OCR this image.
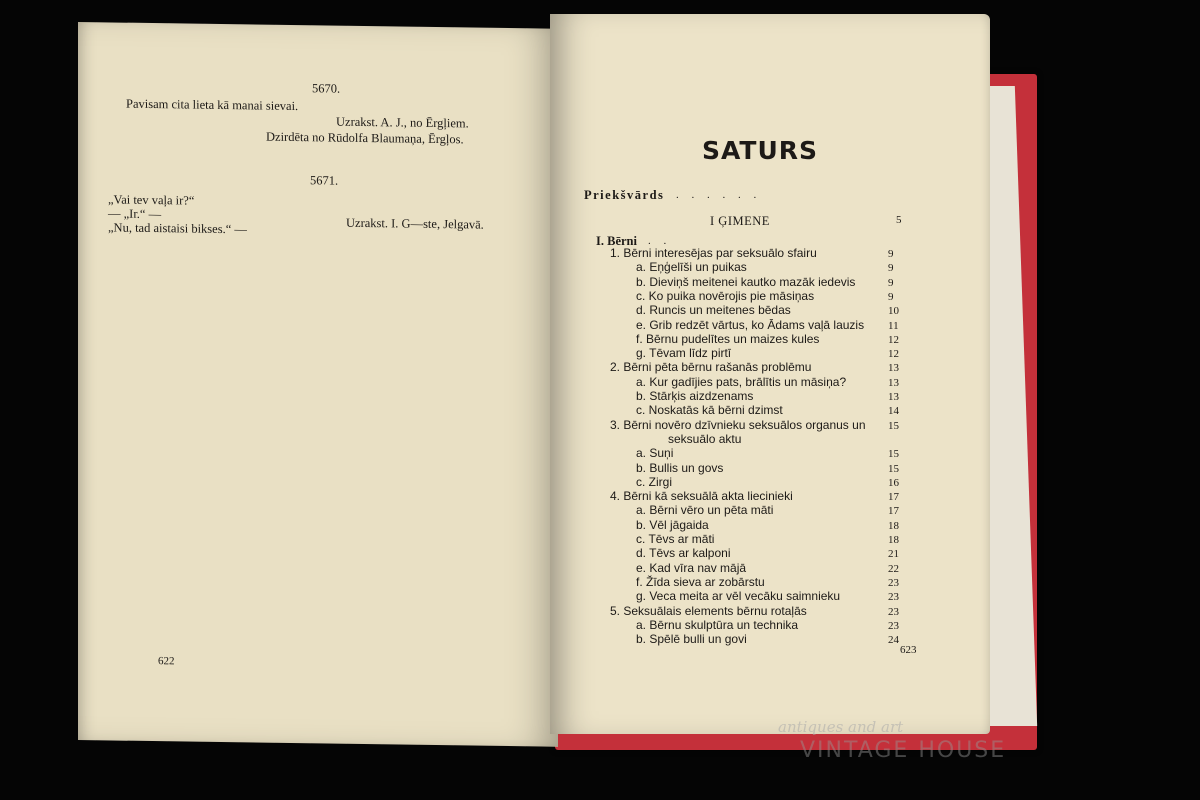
5670.
Pavisam cita lieta kā manai sievai.
Uzrakst. A. J., no Ērgļiem.
Dzirdēta no Rūdolfa Blaumaņa, Ērgļos.
5671.
„Vai tev vaļa ir?“
— „Ir.“ —
„Nu, tad aistaisi bikses.“ —	Uzrakst. I. G—ste, Jelgavā.
622
SATURS
Priekšvārds . . . . . .
I ĢIMENE	5
I. Bērni . .
1. Bērni interesējas par seksuālo sfairu	9
a. Eņģelīši un puikas	9
b. Dieviņš meitenei kautko mazāk iedevis	9
c. Ko puika novērojis pie māsiņas	9
d. Runcis un meitenes bēdas	10
e. Grib redzēt vārtus, ko Ādams vaļā lauzis 11
f. Bērnu pudelītes un maizes kules	12
g. Tēvam līdz pirtī	12
2. Bērni pēta bērnu rašanās problēmu	13
a. Kur gadījies pats, brālītis un māsiņa?	13
b. Stārķis aizdzenams	13
c. Noskatās kā bērni dzimst	14
3. Bērni novēro dzīvnieku seksuālos organus un 15
seksuālo aktu
a. Suņi	15
b. Bullis un govs	15
c. Zirgi	16
4. Bērni kā seksuālā akta liecinieki	17
a. Bērni vēro un pēta māti	17
b. Vēl jāgaida	18
c. Tēvs ar māti	18
d. Tēvs ar kalponi	21
e. Kad vīra nav mājā	22
f. Žīda sieva ar zobārstu	23
g. Veca meita ar vēl vecāku saimnieku	23
5. Seksuālais elements bērnu rotaļās	23
a. Bērnu skulptūra un technika	23
b. Spēlē bulli un govi	24
623
antiques and art
VINTAGE HOUSE
